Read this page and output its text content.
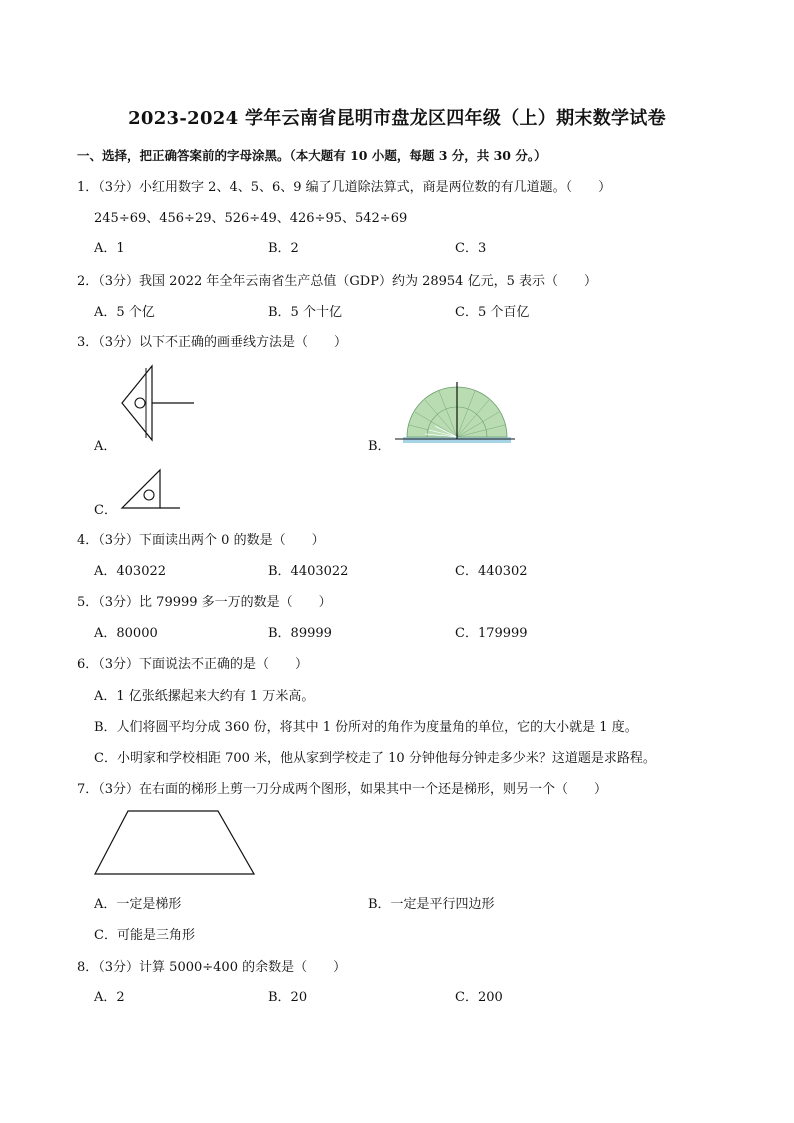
2023-2024 学年云南省昆明市盘龙区四年级（上）期末数学试卷
一、选择，把正确答案前的字母涂黑。（本大题有 10 小题，每题 3 分，共 30 分。）
1．（3分）小红用数字 2、4、5、6、9 编了几道除法算式，商是两位数的有几道题。（　　）
245÷69、456÷29、526÷49、426÷95、542÷69
A．1	B．2	C．3
2．（3分）我国 2022 年全年云南省生产总值（GDP）约为 28954 亿元，5 表示（　　）
A．5 个亿	B．5 个十亿	C．5 个百亿
3．（3分）以下不正确的画垂线方法是（　　）
A．	B．
C．
4．（3分）下面读出两个 0 的数是（　　）
A．403022	B．4403022	C．440302
5．（3分）比 79999 多一万的数是（　　）
A．80000	B．89999	C．179999
6．（3分）下面说法不正确的是（　　）
A．1 亿张纸摞起来大约有 1 万米高。
B．人们将圆平均分成 360 份，将其中 1 份所对的角作为度量角的单位，它的大小就是 1 度。
C．小明家和学校相距 700 米，他从家到学校走了 10 分钟他每分钟走多少米？这道题是求路程。
7．（3分）在右面的梯形上剪一刀分成两个图形，如果其中一个还是梯形，则另一个（　　）
A．一定是梯形	B．一定是平行四边形
C．可能是三角形
8．（3分）计算 5000÷400 的余数是（　　）
A．2	B．20	C．200
